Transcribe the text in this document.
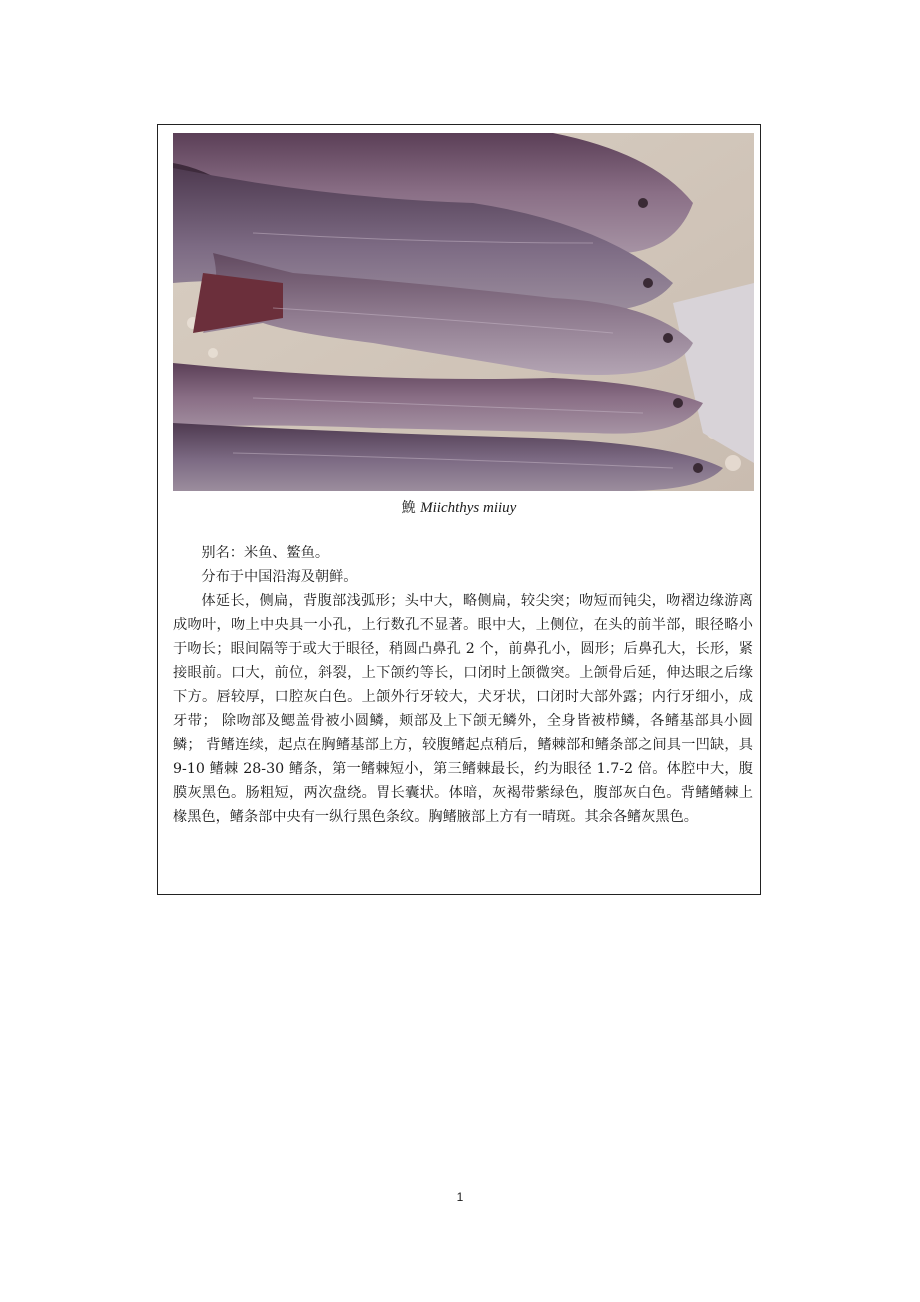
鮸 Miichthys miiuy

别名：米鱼、鳘鱼。

分布于中国沿海及朝鲜。

体延长，侧扁，背腹部浅弧形；头中大，略侧扁，较尖突；吻短而钝尖，吻褶边缘游离成吻叶，吻上中央具一小孔，上行数孔不显著。眼中大，上侧位，在头的前半部，眼径略小于吻长；眼间隔等于或大于眼径，稍圆凸鼻孔 2 个，前鼻孔小，圆形；后鼻孔大，长形，紧接眼前。口大，前位，斜裂，上下颌约等长，口闭时上颌微突。上颌骨后延，伸达眼之后缘下方。唇较厚，口腔灰白色。上颌外行牙较大，犬牙状，口闭时大部外露；内行牙细小，成牙带； 除吻部及鳃盖骨被小圆鳞，颊部及上下颌无鳞外，全身皆被栉鳞，各鳍基部具小圆鳞； 背鳍连续，起点在胸鳍基部上方，较腹鳍起点稍后，鳍棘部和鳍条部之间具一凹缺，具 9-10 鳍棘 28-30 鳍条，第一鳍棘短小，第三鳍棘最长，约为眼径 1.7-2 倍。体腔中大，腹膜灰黑色。肠粗短，两次盘绕。胃长囊状。体暗，灰褐带紫绿色，腹部灰白色。背鳍鳍棘上椽黑色，鳍条部中央有一纵行黑色条纹。胸鳍腋部上方有一晴斑。其余各鳍灰黑色。

1
